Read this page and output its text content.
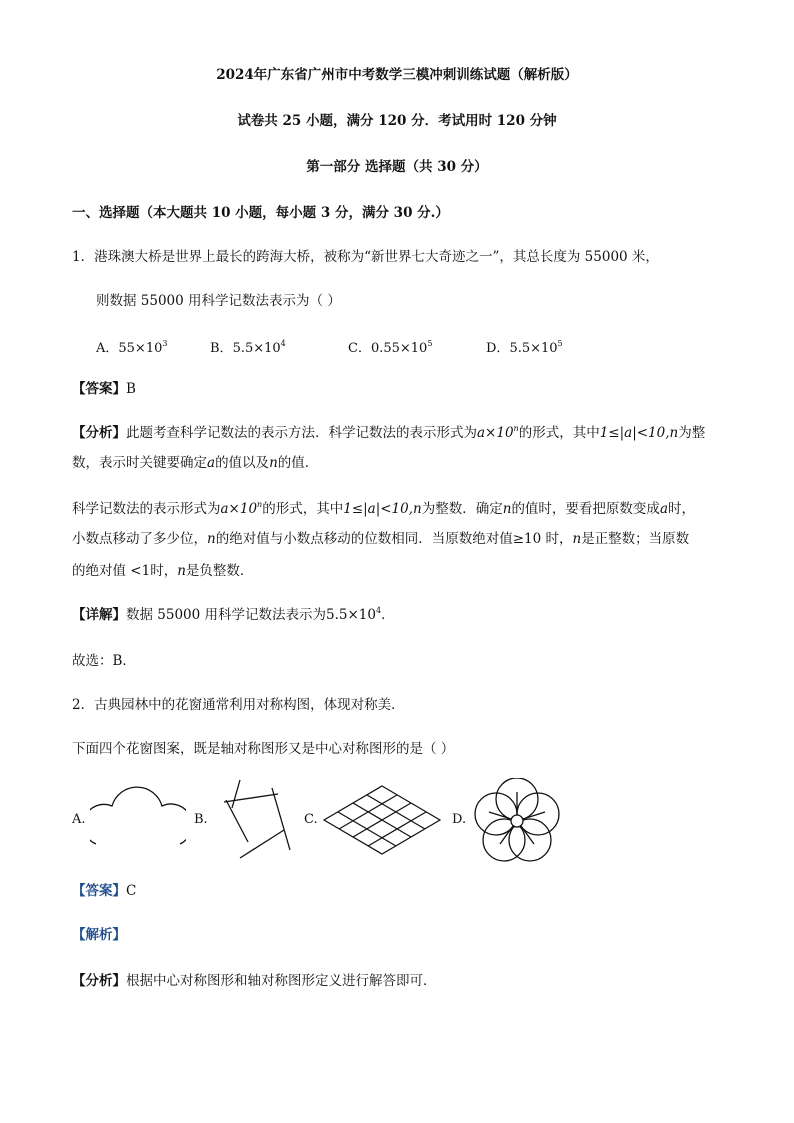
2024年广东省广州市中考数学三模冲刺训练试题（解析版）
试卷共 25 小题，满分 120 分．考试用时 120 分钟
第一部分 选择题（共 30 分）
一、选择题（本大题共 10 小题，每小题 3 分，满分 30 分.）
1．港珠澳大桥是世界上最长的跨海大桥，被称为“新世界七大奇迹之一”，其总长度为 55000 米，
则数据 55000 用科学记数法表示为（ ）
A．$55\times 10^3$	B．$5.5\times 10^4$	C．$0.55\times 10^5$	D．$5.5\times 10^5$
【答案】B
【分析】此题考查科学记数法的表示方法．科学记数法的表示形式为$a\times 10^n$的形式，其中1≤|a|<10,n为整
数，表示时关键要确定a的值以及n的值．
科学记数法的表示形式为$a\times 10^n$的形式，其中1≤|a|<10,n为整数．确定n的值时，要看把原数变成a时，
小数点移动了多少位，n的绝对值与小数点移动的位数相同．当原数绝对值≥10 时，n是正整数；当原数
的绝对值 <1时，n是负整数．
【详解】数据 55000 用科学记数法表示为$5.5\times 10^4$．
故选：B．
2．古典园林中的花窗通常利用对称构图，体现对称美．
下面四个花窗图案，既是轴对称图形又是中心对称图形的是（ ）
A.	B.	C.	D.
【答案】C
【解析】
【分析】根据中心对称图形和轴对称图形定义进行解答即可．
